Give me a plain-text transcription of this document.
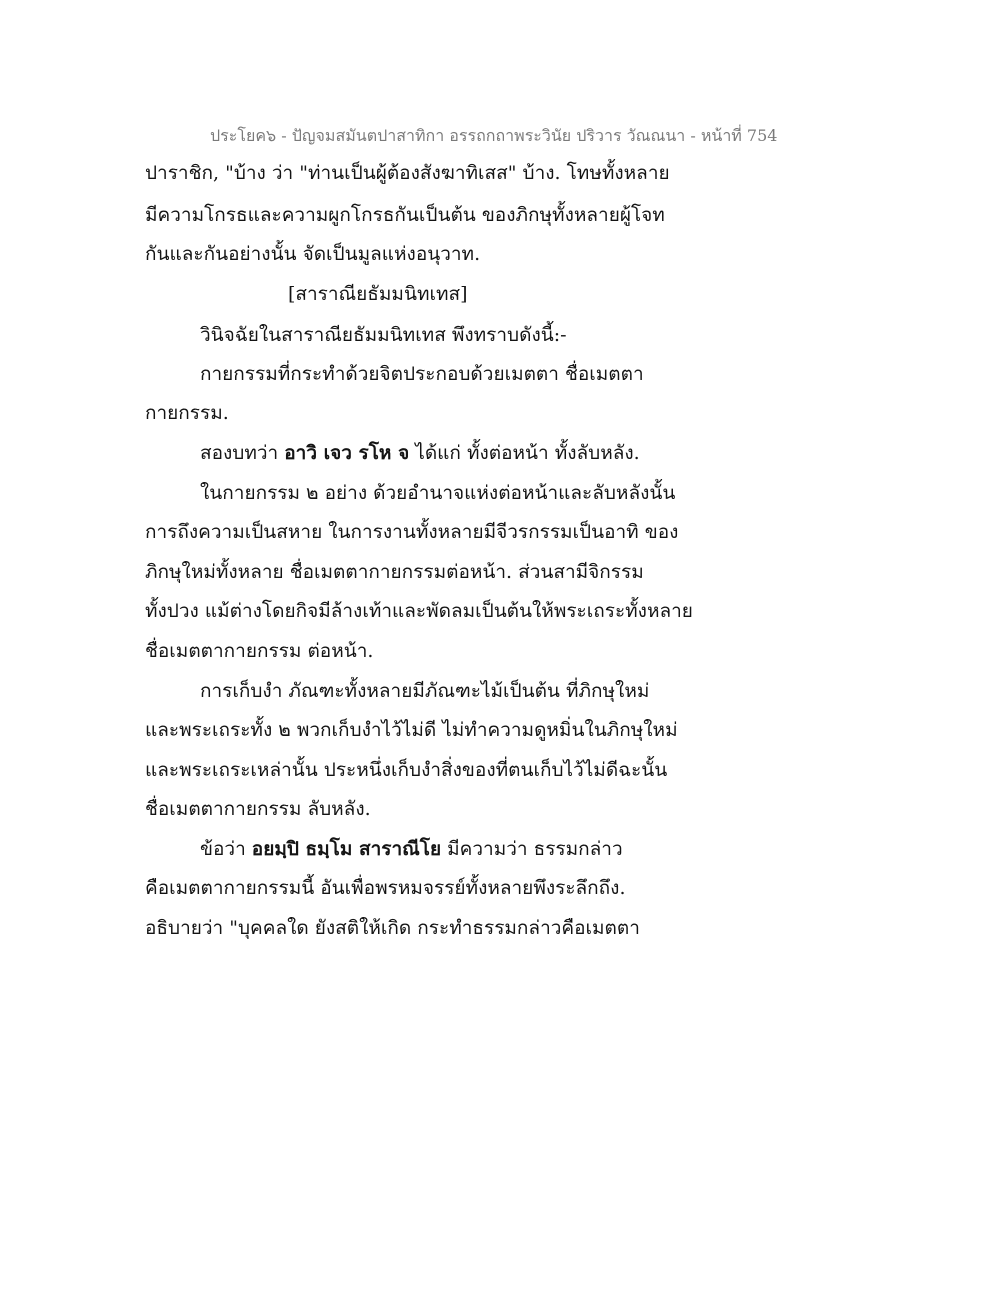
ประโยค๖ - ปัญจมสมันตปาสาทิกา อรรถกถาพระวินัย ปริวาร วัณณนา - หน้าที่ 754
ปาราชิก, "บ้าง ว่า "ท่านเป็นผู้ต้องสังฆาทิเสส" บ้าง. โทษทั้งหลาย
มีความโกรธและความผูกโกรธกันเป็นต้น ของภิกษุทั้งหลายผู้โจท
กันและกันอย่างนั้น จัดเป็นมูลแห่งอนุวาท.
[สาราณียธัมมนิทเทส]
วินิจฉัยในสาราณียธัมมนิทเทส พึงทราบดังนี้:-
กายกรรมที่กระทำด้วยจิตประกอบด้วยเมตตา ชื่อเมตตา
กายกรรม.
สองบทว่า อาวิ เจว รโห จ ได้แก่ ทั้งต่อหน้า ทั้งลับหลัง.
ในกายกรรม ๒ อย่าง ด้วยอำนาจแห่งต่อหน้าและลับหลังนั้น
การถึงความเป็นสหาย ในการงานทั้งหลายมีจีวรกรรมเป็นอาทิ ของ
ภิกษุใหม่ทั้งหลาย ชื่อเมตตากายกรรมต่อหน้า. ส่วนสามีจิกรรม
ทั้งปวง แม้ต่างโดยกิจมีล้างเท้าและพัดลมเป็นต้นให้พระเถระทั้งหลาย
ชื่อเมตตากายกรรม ต่อหน้า.
การเก็บงำ ภัณฑะทั้งหลายมีภัณฑะไม้เป็นต้น ที่ภิกษุใหม่
และพระเถระทั้ง ๒ พวกเก็บงำไว้ไม่ดี ไม่ทำความดูหมิ่นในภิกษุใหม่
และพระเถระเหล่านั้น ประหนึ่งเก็บงำสิ่งของที่ตนเก็บไว้ไม่ดีฉะนั้น
ชื่อเมตตากายกรรม ลับหลัง.
ข้อว่า อยมฺปิ ธมฺโม สาราณีโย มีความว่า ธรรมกล่าว
คือเมตตากายกรรมนี้ อันเพื่อพรหมจรรย์ทั้งหลายพึงระลึกถึง.
อธิบายว่า "บุคคลใด ยังสติให้เกิด กระทำธรรมกล่าวคือเมตตา
